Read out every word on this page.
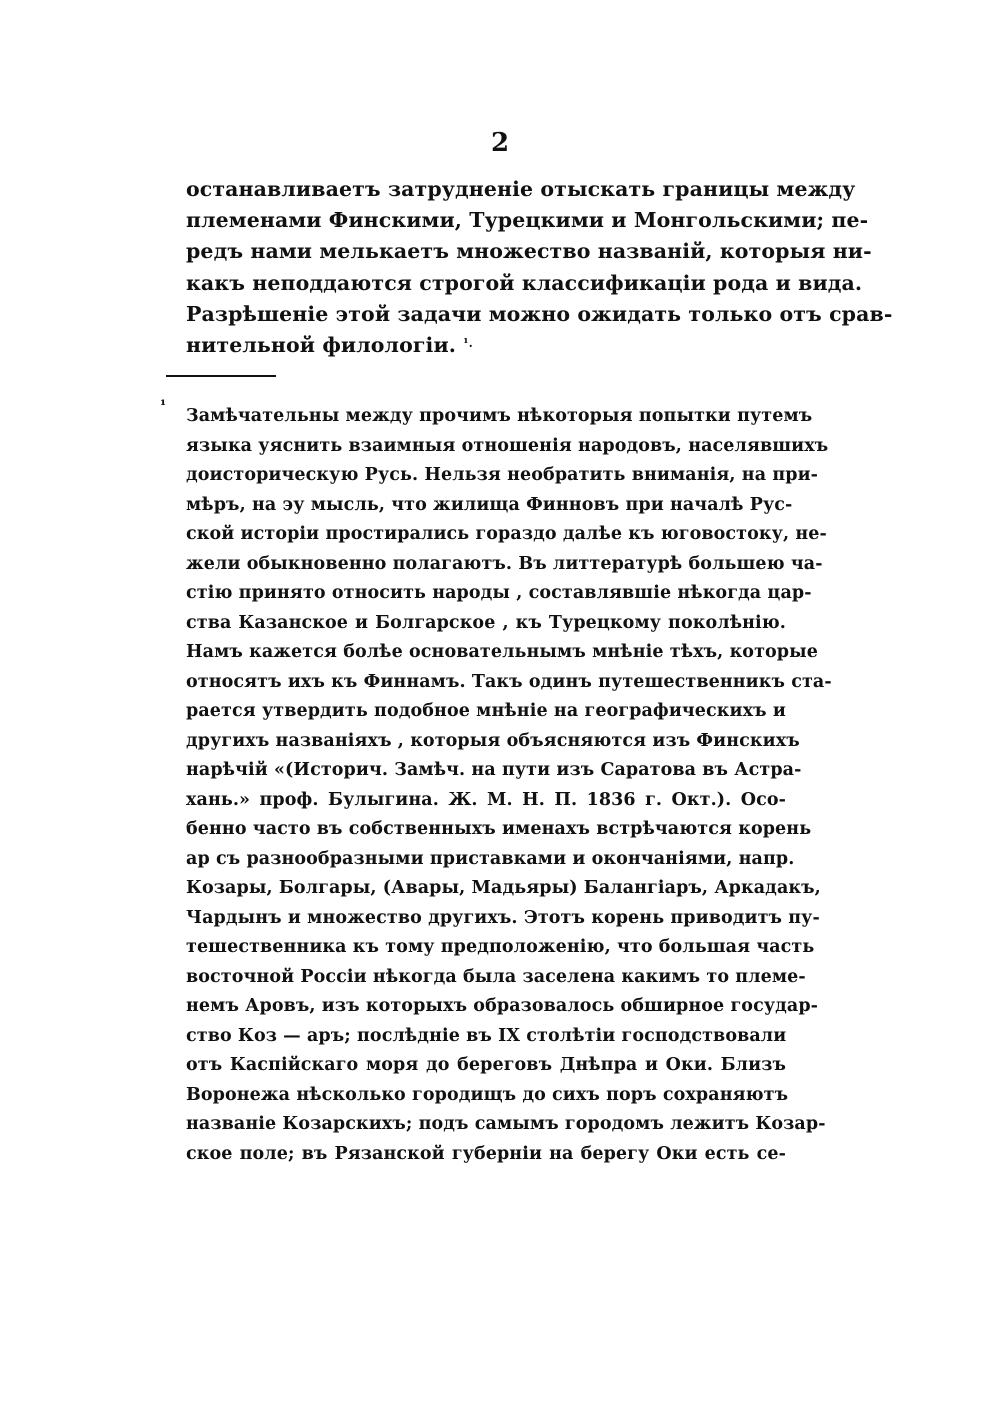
2
останавливаетъ затрудненіе отыскать границы между
племенами Финскими, Турецкими и Монгольскими; пе-
редъ нами мелькаетъ множество названій, которыя ни-
какъ неподдаются строгой классификаціи рода и вида.
Разрѣшеніе этой задачи можно ожидать только отъ срав-
нительной филологіи. $^{^1.}$
¹ Замѣчательны между прочимъ нѣкоторыя попытки путемъ
языка уяснить взаимныя отношенія народовъ, населявшихъ
доисторическую Русь. Нельзя необратить вниманія, на при-
мѣръ, на эу мысль, что жилища Финновъ при началѣ Рус-
ской исторіи простирались гораздо далѣе къ юговостоку, не-
жели обыкновенно полагаютъ. Въ литтературѣ большею ча-
стію принято относить народы , составлявшіе нѣкогда цар-
ства Казанское и Болгарское , къ Турецкому поколѣнію.
Намъ кажется болѣе основательнымъ мнѣніе тѣхъ, которые
относятъ ихъ къ Финнамъ. Такъ одинъ путешественникъ ста-
рается утвердить подобное мнѣніе на географическихъ и
другихъ названіяхъ , которыя объясняются изъ Финскихъ
нарѣчій «(Историч. Замѣч. на пути изъ Саратова въ Астра-
хань.» проф. Булыгина. Ж. М. Н. П. 1836 г. Окт.). Осо-
бенно часто въ собственныхъ именахъ встрѣчаются корень
ар съ разнообразными приставками и окончаніями, напр.
Козары, Болгары, (Авары, Мадьяры) Балангіаръ, Аркадакъ,
Чардынъ и множество другихъ. Этотъ корень приводитъ пу-
тешественника къ тому предположенію, что большая часть
восточной Россіи нѣкогда была заселена какимъ то племе-
немъ Аровъ, изъ которыхъ образовалось обширное государ-
ство Коз — аръ; послѣдніе въ IX столѣтіи господствовали
отъ Каспійскаго моря до береговъ Днѣпра и Оки. Близъ
Воронежа нѣсколько городищъ до сихъ поръ сохраняютъ
названіе Козарскихъ; подъ самымъ городомъ лежитъ Козар-
ское поле; въ Рязанской губерніи на берегу Оки есть се-
